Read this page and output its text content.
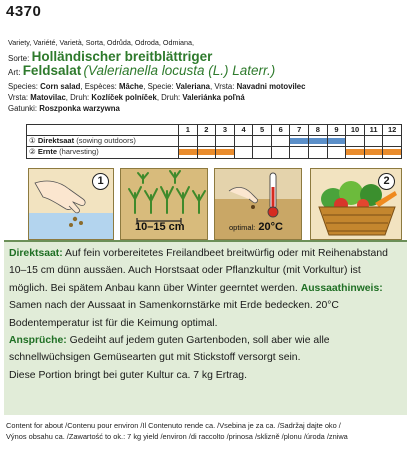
4370
Variety, Variété, Varietà, Sorta, Odrůda, Odroda, Odmiana,
Sorte: Holländischer breitblättriger
Art: Feldsalat (Valerianella locusta (L.) Laterr.)
Species: Corn salad, Espèces: Mâche, Specie: Valeriana, Vrsta: Navadni motovilec
Vrsta: Matovilac, Druh: Kozlíček polníček, Druh: Valeriánka poľná
Gatunki: Roszponka warzywna
1	2	3	4	5	6	7	8	9	10	11	12
① Direktsaat (sowing outdoors)
② Ernte (harvesting)
1
10–15 cm	optimal: 20°C
2
Direktsaat: Auf fein vorbereitetes Freilandbeet breitwürfig oder mit Reihenabstand 10–15 cm dünn aussäen. Auch Horstsaat oder Pflanzkultur (mit Vorkultur) ist möglich. Bei spätem Anbau kann über Winter geerntet werden. Aussaathinweis: Samen nach der Aussaat in Samenkornstärke mit Erde bedecken. 20°C Bodentemperatur ist für die Keimung optimal.
Ansprüche: Gedeiht auf jedem guten Gartenboden, soll aber wie alle schnellwüchsigen Gemüsearten gut mit Stickstoff versorgt sein.
Diese Portion bringt bei guter Kultur ca. 7 kg Ertrag.
Content for about /Contenu pour environ /Il Contenuto rende ca. /Vsebina je za ca. /Sadržaj dajte oko /
Výnos obsahu ca. /Zawartość to ok.: 7 kg yield /environ /di raccolto /prinosa /sklizně /plonu /úroda /zniwa
